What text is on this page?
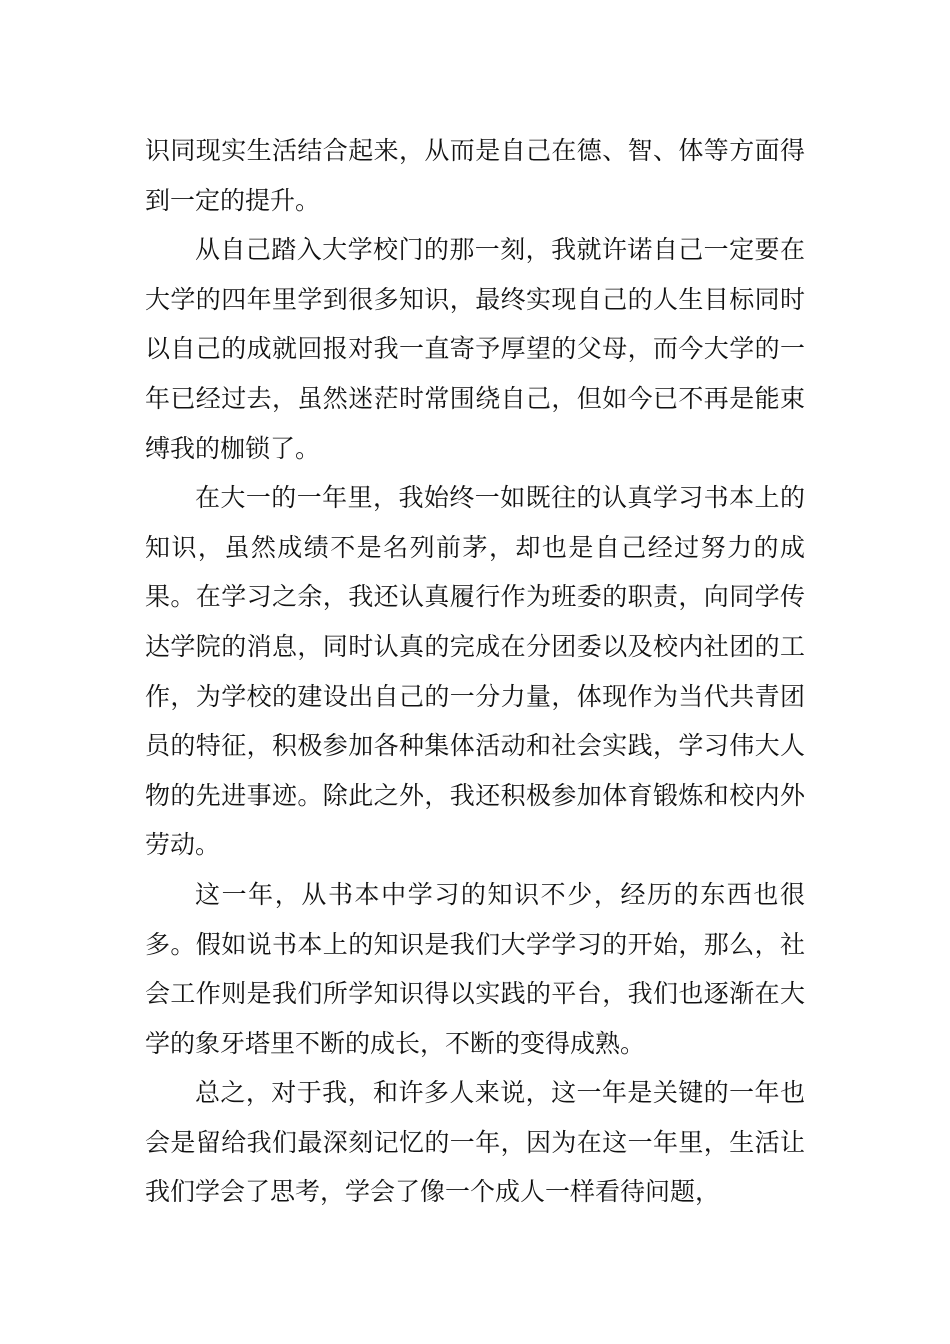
识同现实生活结合起来，从而是自己在德、智、体等方面得到一定的提升。

从自己踏入大学校门的那一刻，我就许诺自己一定要在大学的四年里学到很多知识，最终实现自己的人生目标同时以自己的成就回报对我一直寄予厚望的父母，而今大学的一年已经过去，虽然迷茫时常围绕自己，但如今已不再是能束缚我的枷锁了。

在大一的一年里，我始终一如既往的认真学习书本上的知识，虽然成绩不是名列前茅，却也是自己经过努力的成果。在学习之余，我还认真履行作为班委的职责，向同学传达学院的消息，同时认真的完成在分团委以及校内社团的工作，为学校的建设出自己的一分力量，体现作为当代共青团员的特征，积极参加各种集体活动和社会实践，学习伟大人物的先进事迹。除此之外，我还积极参加体育锻炼和校内外劳动。

这一年，从书本中学习的知识不少，经历的东西也很多。假如说书本上的知识是我们大学学习的开始，那么，社会工作则是我们所学知识得以实践的平台，我们也逐渐在大学的象牙塔里不断的成长，不断的变得成熟。

总之，对于我，和许多人来说，这一年是关键的一年也会是留给我们最深刻记忆的一年，因为在这一年里，生活让我们学会了思考，学会了像一个成人一样看待问题，
